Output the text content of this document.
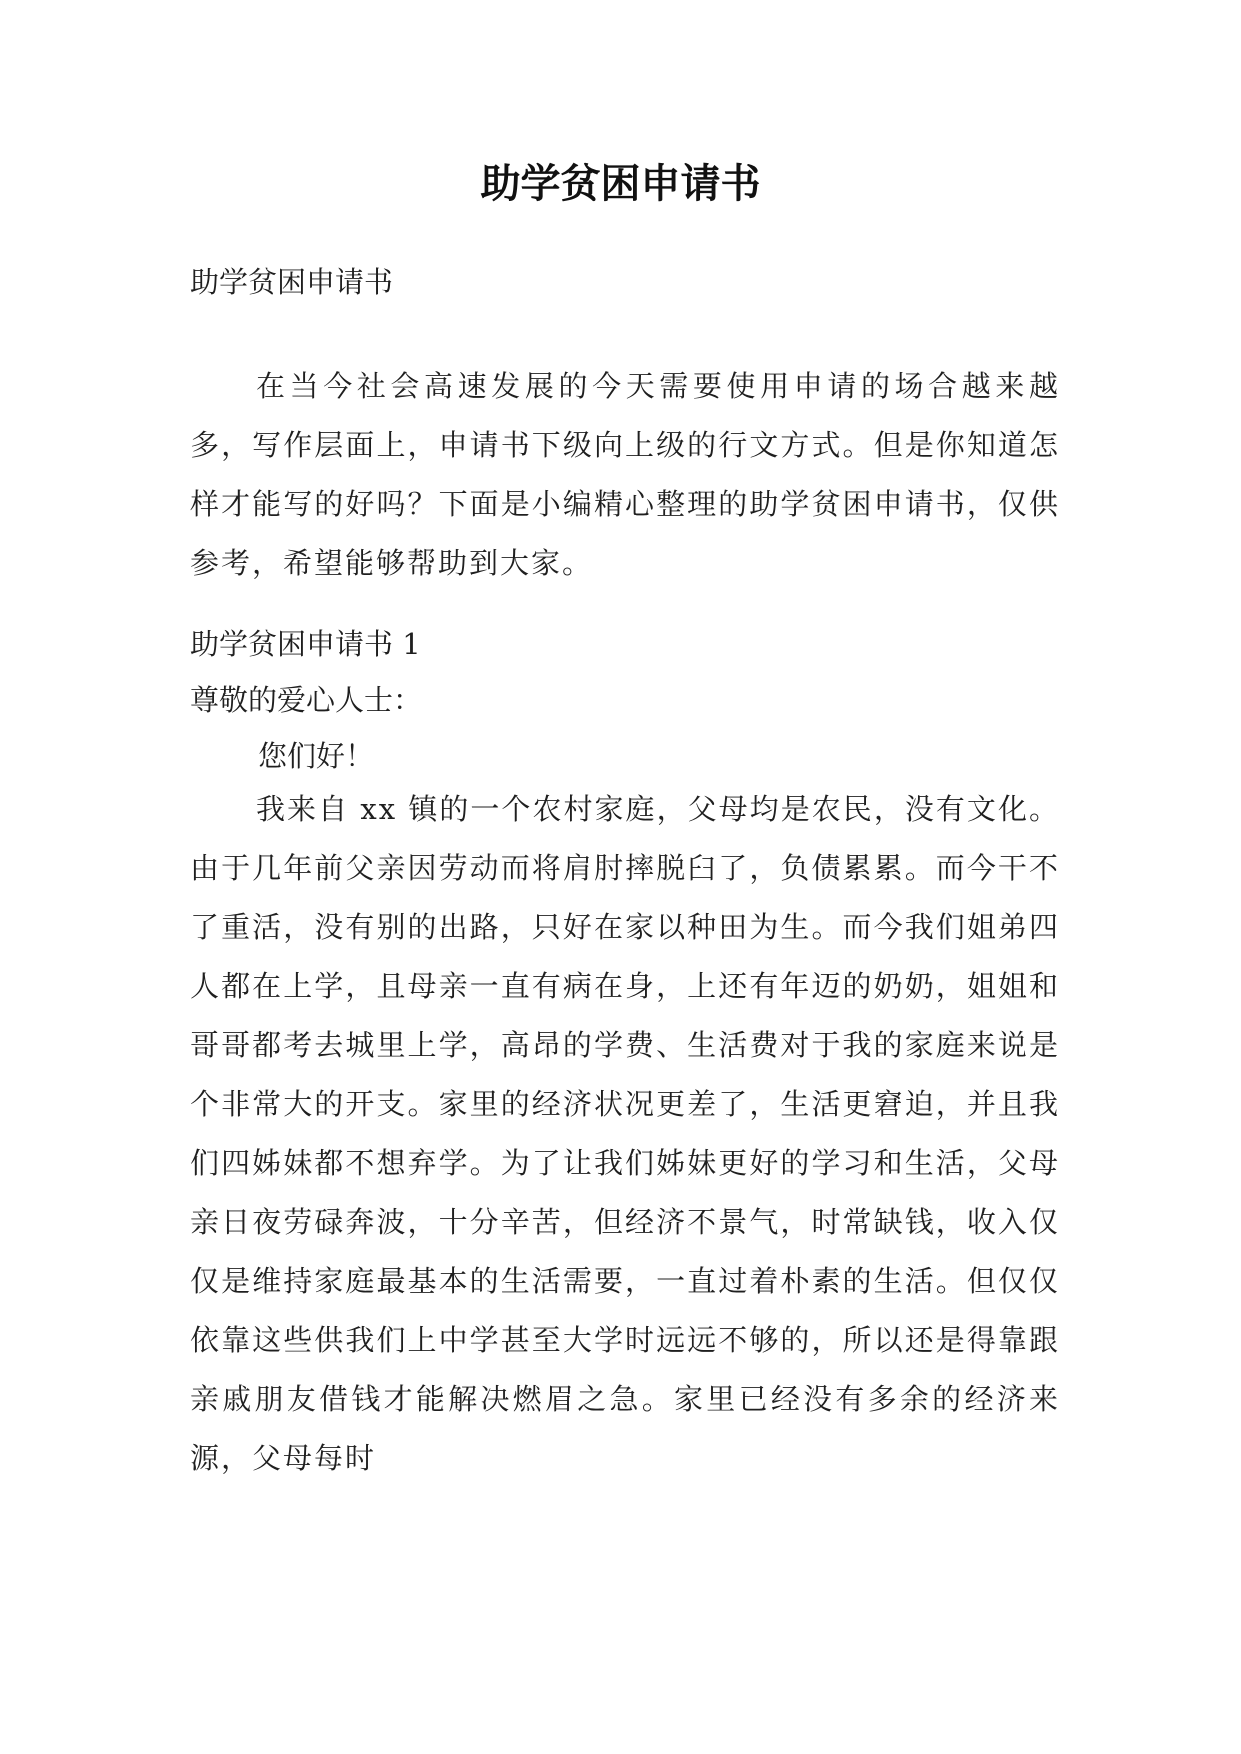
助学贫困申请书

助学贫困申请书

在当今社会高速发展的今天需要使用申请的场合越来越多，写作层面上，申请书下级向上级的行文方式。但是你知道怎样才能写的好吗？下面是小编精心整理的助学贫困申请书，仅供参考，希望能够帮助到大家。

助学贫困申请书 1

尊敬的爱心人士：

您们好！

我来自 xx 镇的一个农村家庭，父母均是农民，没有文化。由于几年前父亲因劳动而将肩肘摔脱臼了，负债累累。而今干不了重活，没有别的出路，只好在家以种田为生。而今我们姐弟四人都在上学，且母亲一直有病在身，上还有年迈的奶奶，姐姐和哥哥都考去城里上学，高昂的学费、生活费对于我的家庭来说是个非常大的开支。家里的经济状况更差了，生活更窘迫，并且我们四姊妹都不想弃学。为了让我们姊妹更好的学习和生活，父母亲日夜劳碌奔波，十分辛苦，但经济不景气，时常缺钱，收入仅仅是维持家庭最基本的生活需要，一直过着朴素的生活。但仅仅依靠这些供我们上中学甚至大学时远远不够的，所以还是得靠跟亲戚朋友借钱才能解决燃眉之急。家里已经没有多余的经济来源，父母每时
